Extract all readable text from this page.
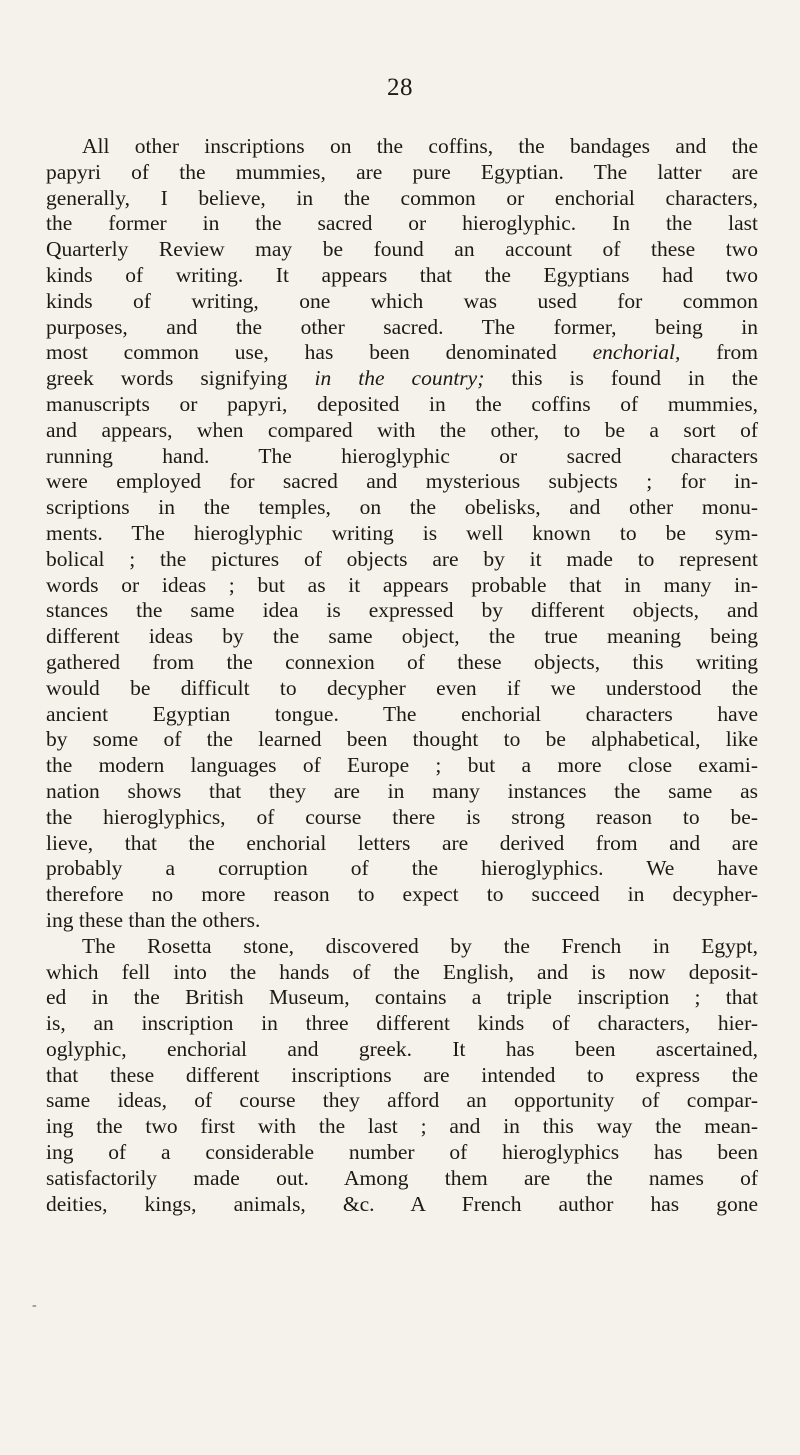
28
All other inscriptions on the coffins, the bandages and the
papyri of the mummies, are pure Egyptian. The latter are
generally, I believe, in the common or enchorial characters,
the former in the sacred or hieroglyphic. In the last
Quarterly Review may be found an account of these two
kinds of writing. It appears that the Egyptians had two
kinds of writing, one which was used for common
purposes, and the other sacred. The former, being in
most common use, has been denominated enchorial, from
greek words signifying in the country; this is found in the
manuscripts or papyri, deposited in the coffins of mummies,
and appears, when compared with the other, to be a sort of
running hand. The hieroglyphic or sacred characters
were employed for sacred and mysterious subjects ; for in-
scriptions in the temples, on the obelisks, and other monu-
ments. The hieroglyphic writing is well known to be sym-
bolical ; the pictures of objects are by it made to represent
words or ideas ; but as it appears probable that in many in-
stances the same idea is expressed by different objects, and
different ideas by the same object, the true meaning being
gathered from the connexion of these objects, this writing
would be difficult to decypher even if we understood the
ancient Egyptian tongue. The enchorial characters have
by some of the learned been thought to be alphabetical, like
the modern languages of Europe ; but a more close exami-
nation shows that they are in many instances the same as
the hieroglyphics, of course there is strong reason to be-
lieve, that the enchorial letters are derived from and are
probably a corruption of the hieroglyphics. We have
therefore no more reason to expect to succeed in decypher-
ing these than the others.
The Rosetta stone, discovered by the French in Egypt,
which fell into the hands of the English, and is now deposit-
ed in the British Museum, contains a triple inscription ; that
is, an inscription in three different kinds of characters, hier-
oglyphic, enchorial and greek. It has been ascertained,
that these different inscriptions are intended to express the
same ideas, of course they afford an opportunity of compar-
ing the two first with the last ; and in this way the mean-
ing of a considerable number of hieroglyphics has been
satisfactorily made out. Among them are the names of
deities, kings, animals, &c. A French author has gone
-
